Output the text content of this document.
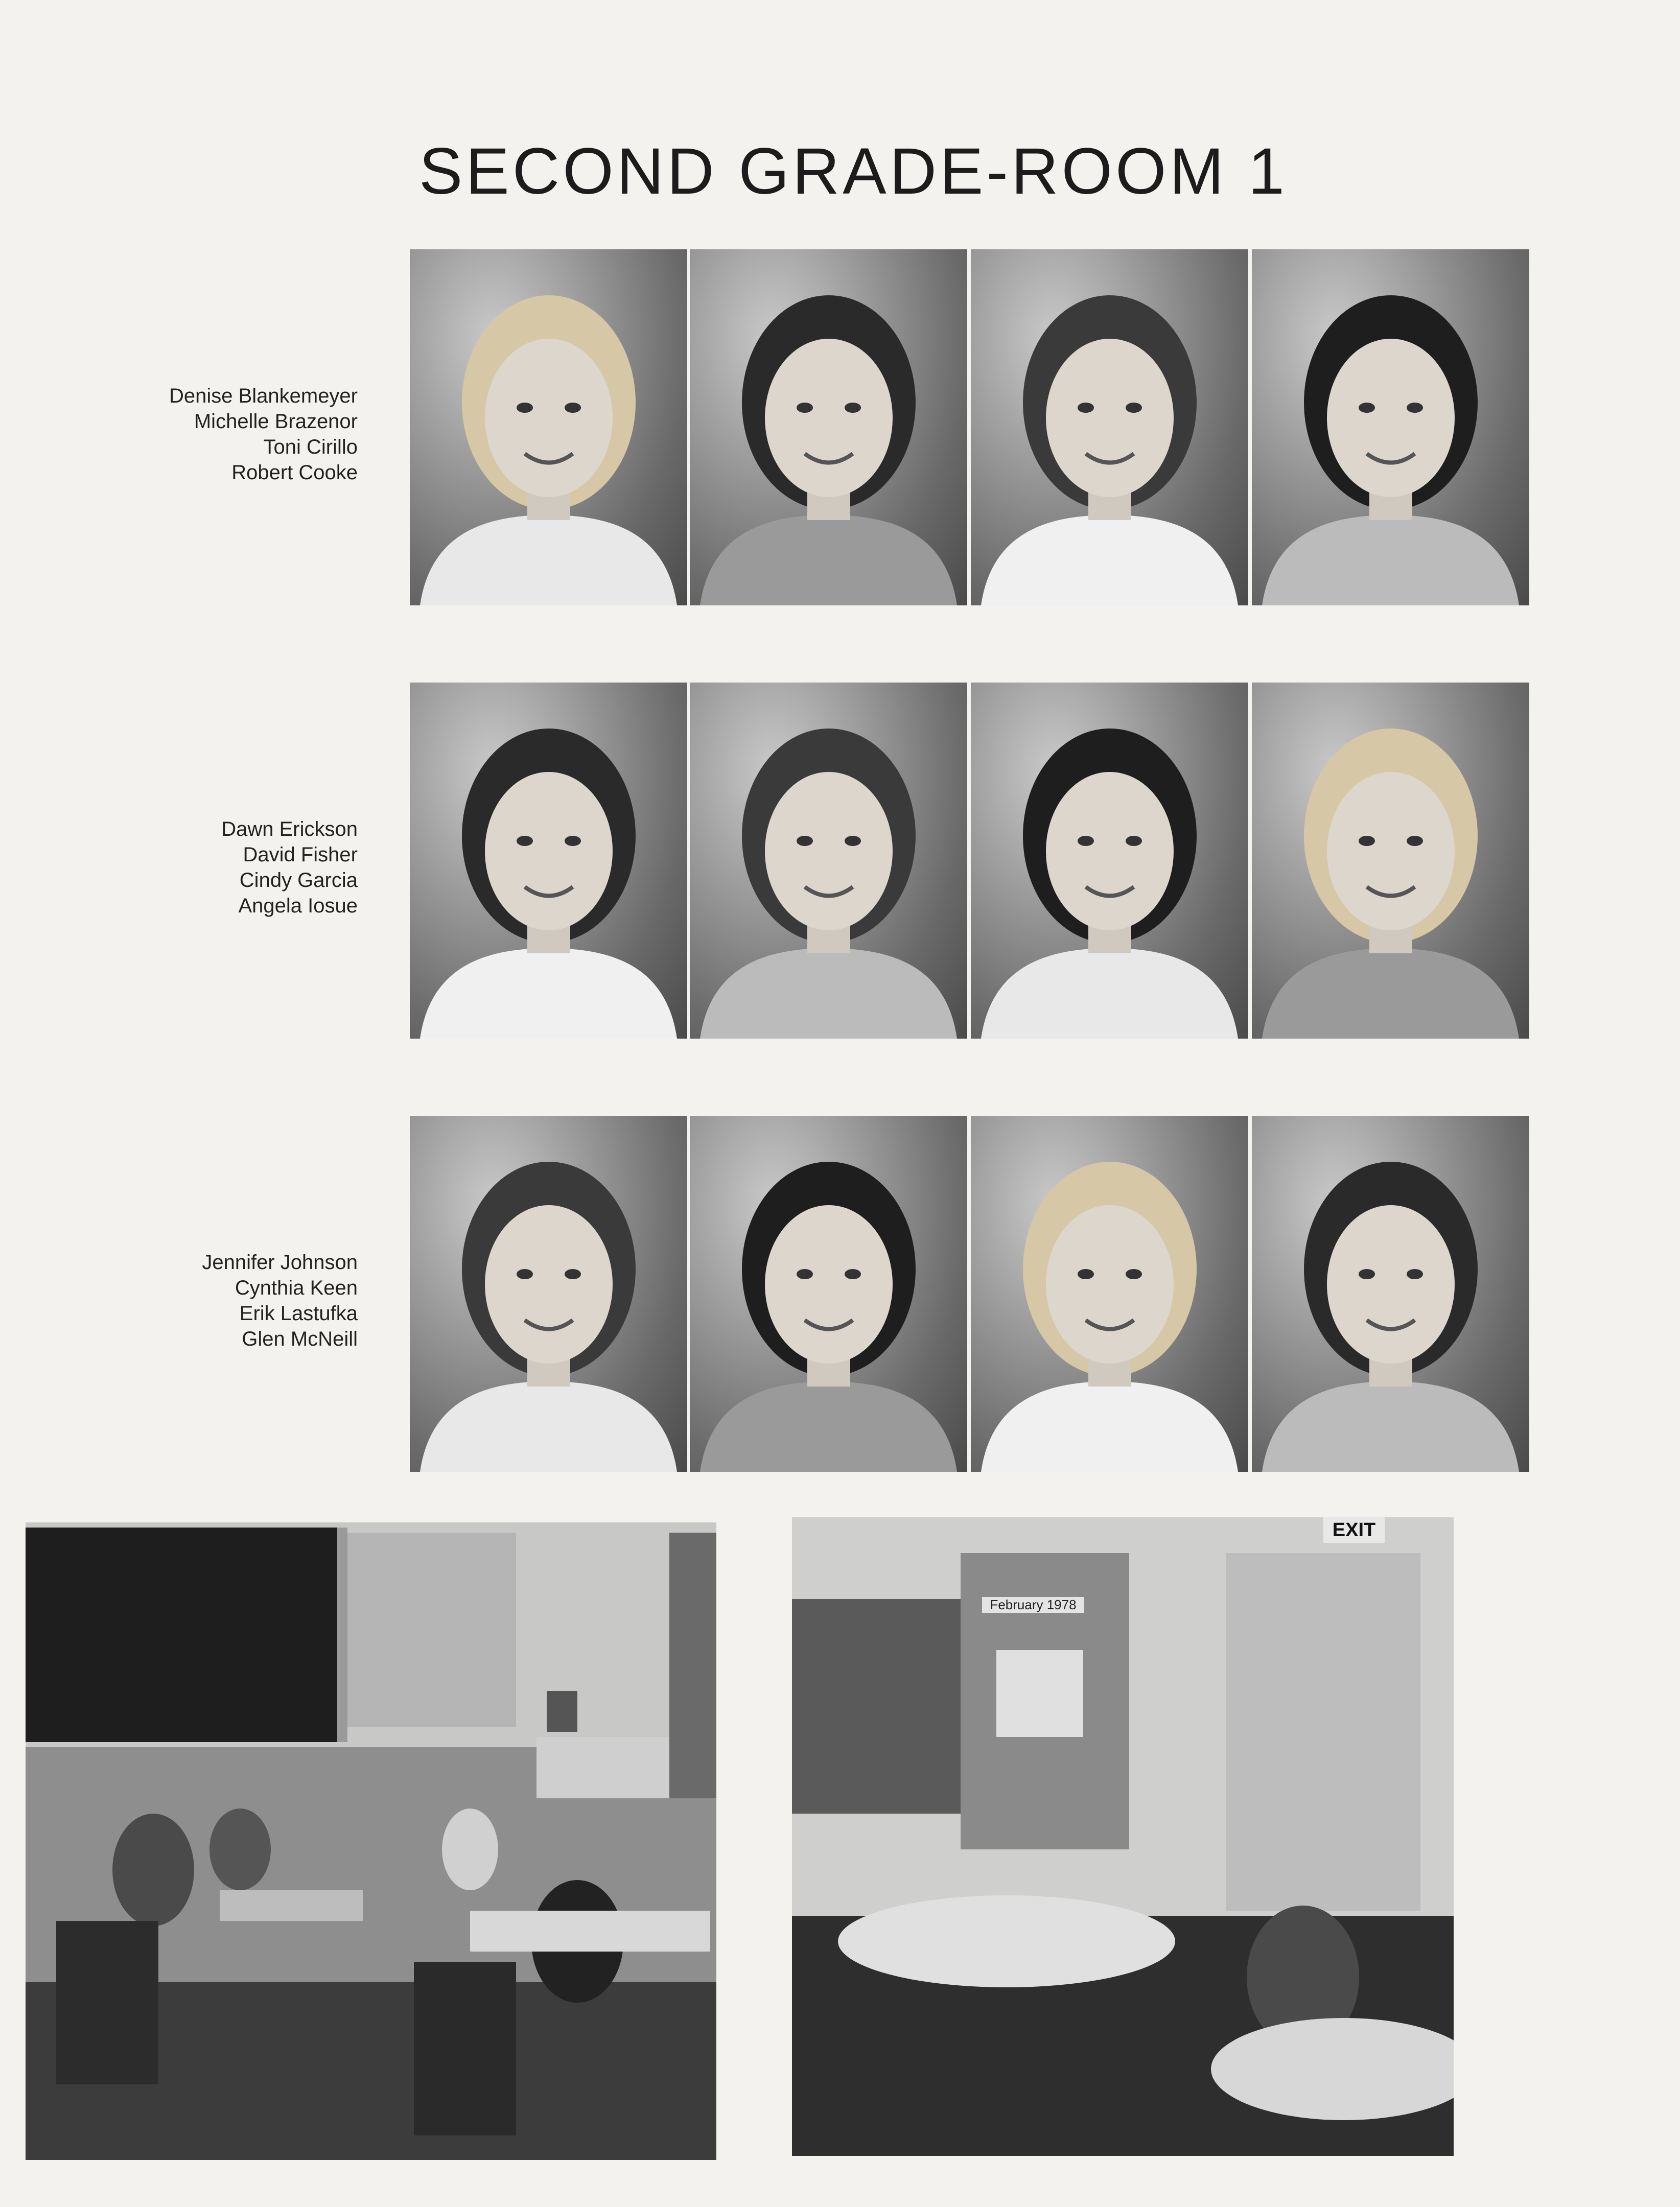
SECOND GRADE-ROOM 1
Denise Blankemeyer
Michelle Brazenor
Toni Cirillo
Robert Cooke
Dawn Erickson
David Fisher
Cindy Garcia
Angela Iosue
Jennifer Johnson
Cynthia Keen
Erik Lastufka
Glen McNeill
February 1978
EXIT
